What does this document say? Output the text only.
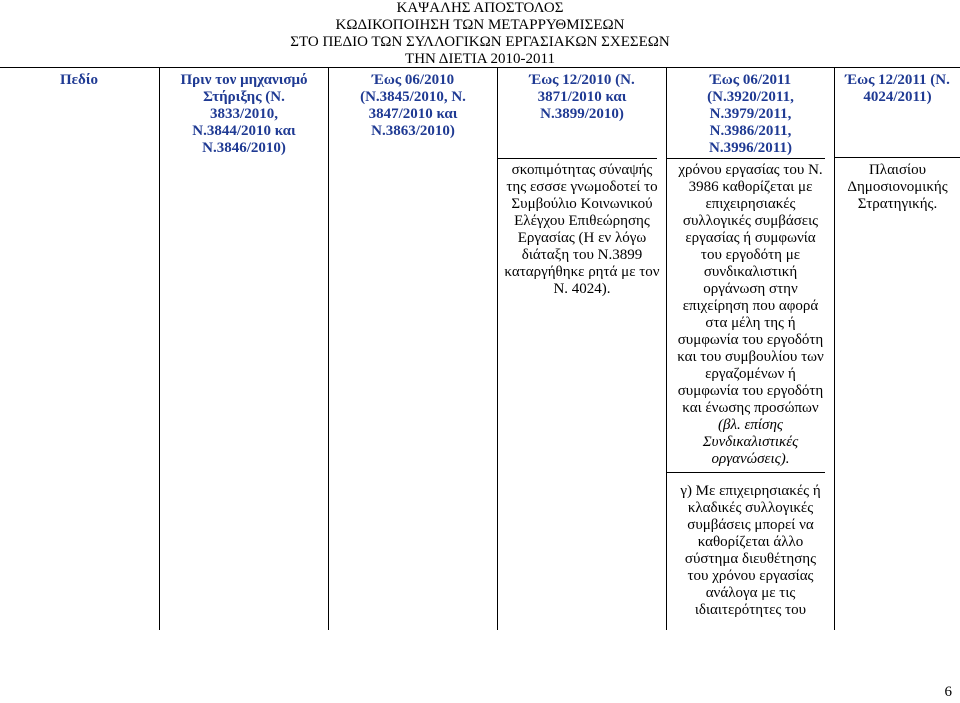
ΚΑΨΑΛΗΣ ΑΠΟΣΤΟΛΟΣ
ΚΩΔΙΚΟΠΟΙΗΣΗ ΤΩΝ ΜΕΤΑΡΡΥΘΜΙΣΕΩΝ
ΣΤΟ ΠΕΔΙΟ ΤΩΝ ΣΥΛΛΟΓΙΚΩΝ ΕΡΓΑΣΙΑΚΩΝ ΣΧΕΣΕΩΝ
ΤΗΝ ΔΙΕΤΙΑ 2010-2011
Πεδίο	Πριν τον μηχανισμό
Στήριξης (Ν.
3833/2010,
Ν.3844/2010 και
Ν.3846/2010)
Έως 06/2010
(Ν.3845/2010, Ν.
3847/2010 και
Ν.3863/2010)
Έως 12/2010 (Ν.
3871/2010 και
Ν.3899/2010)
Έως 06/2011
(Ν.3920/2011,
Ν.3979/2011,
Ν.3986/2011,
Ν.3996/2011)
Έως 12/2011 (Ν.
4024/2011)
σκοπιμότητας σύναψής
της εσσσε γνωμοδοτεί το
Συμβούλιο Κοινωνικού
Ελέγχου Επιθεώρησης
Εργασίας (Η εν λόγω
διάταξη του Ν.3899
καταργήθηκε ρητά με τον
Ν. 4024).
χρόνου εργασίας του Ν.
3986 καθορίζεται με
επιχειρησιακές
συλλογικές συμβάσεις
εργασίας ή συμφωνία
του εργοδότη με
συνδικαλιστική
οργάνωση στην
επιχείρηση που αφορά
στα μέλη της ή
συμφωνία του εργοδότη
και του συμβουλίου των
εργαζομένων ή
συμφωνία του εργοδότη
και ένωσης προσώπων
(βλ. επίσης
Συνδικαλιστικές
οργανώσεις).
γ) Με επιχειρησιακές ή
κλαδικές συλλογικές
συμβάσεις μπορεί να
καθορίζεται άλλο
σύστημα διευθέτησης
του χρόνου εργασίας
ανάλογα με τις
ιδιαιτερότητες του
Πλαισίου
Δημοσιονομικής
Στρατηγικής.
6
